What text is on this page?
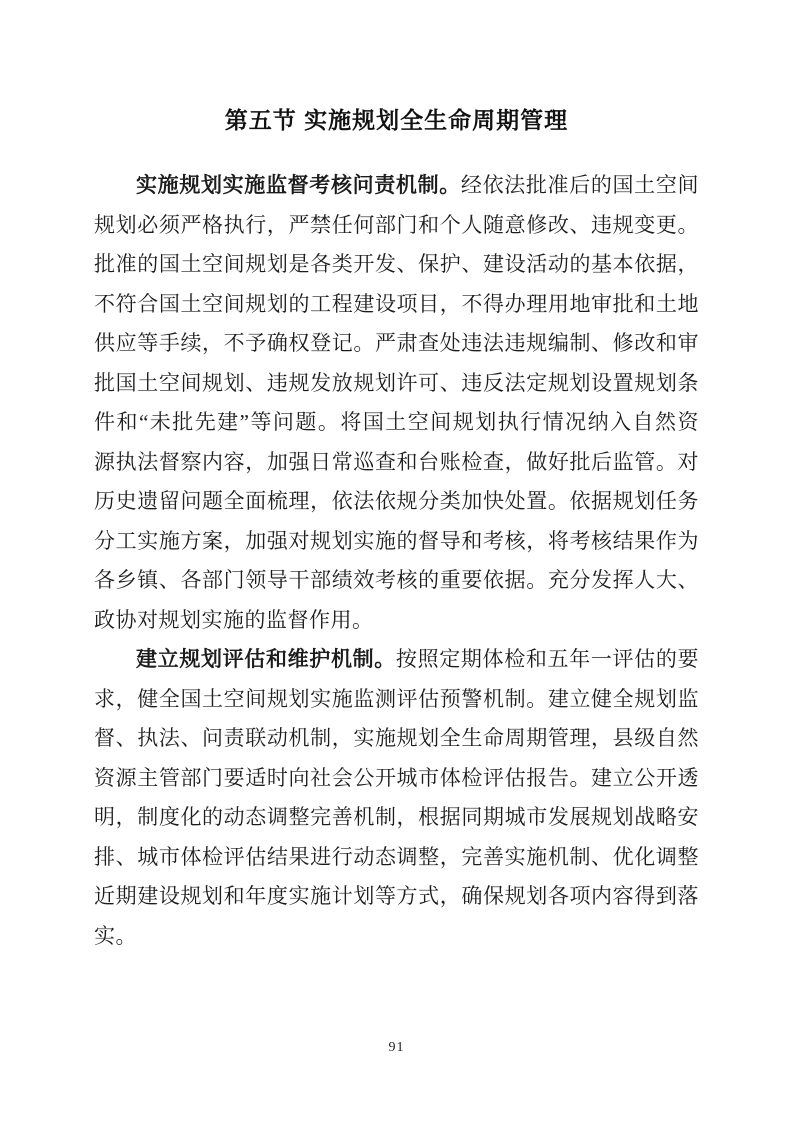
第五节 实施规划全生命周期管理
实施规划实施监督考核问责机制。经依法批准后的国土空间
规划必须严格执行，严禁任何部门和个人随意修改、违规变更。
批准的国土空间规划是各类开发、保护、建设活动的基本依据，
不符合国土空间规划的工程建设项目，不得办理用地审批和土地
供应等手续，不予确权登记。严肃查处违法违规编制、修改和审
批国土空间规划、违规发放规划许可、违反法定规划设置规划条
件和“未批先建”等问题。将国土空间规划执行情况纳入自然资
源执法督察内容，加强日常巡查和台账检查，做好批后监管。对
历史遗留问题全面梳理，依法依规分类加快处置。依据规划任务
分工实施方案，加强对规划实施的督导和考核，将考核结果作为
各乡镇、各部门领导干部绩效考核的重要依据。充分发挥人大、
政协对规划实施的监督作用。
建立规划评估和维护机制。按照定期体检和五年一评估的要
求，健全国土空间规划实施监测评估预警机制。建立健全规划监
督、执法、问责联动机制，实施规划全生命周期管理，县级自然
资源主管部门要适时向社会公开城市体检评估报告。建立公开透
明，制度化的动态调整完善机制，根据同期城市发展规划战略安
排、城市体检评估结果进行动态调整，完善实施机制、优化调整
近期建设规划和年度实施计划等方式，确保规划各项内容得到落
实。
91
